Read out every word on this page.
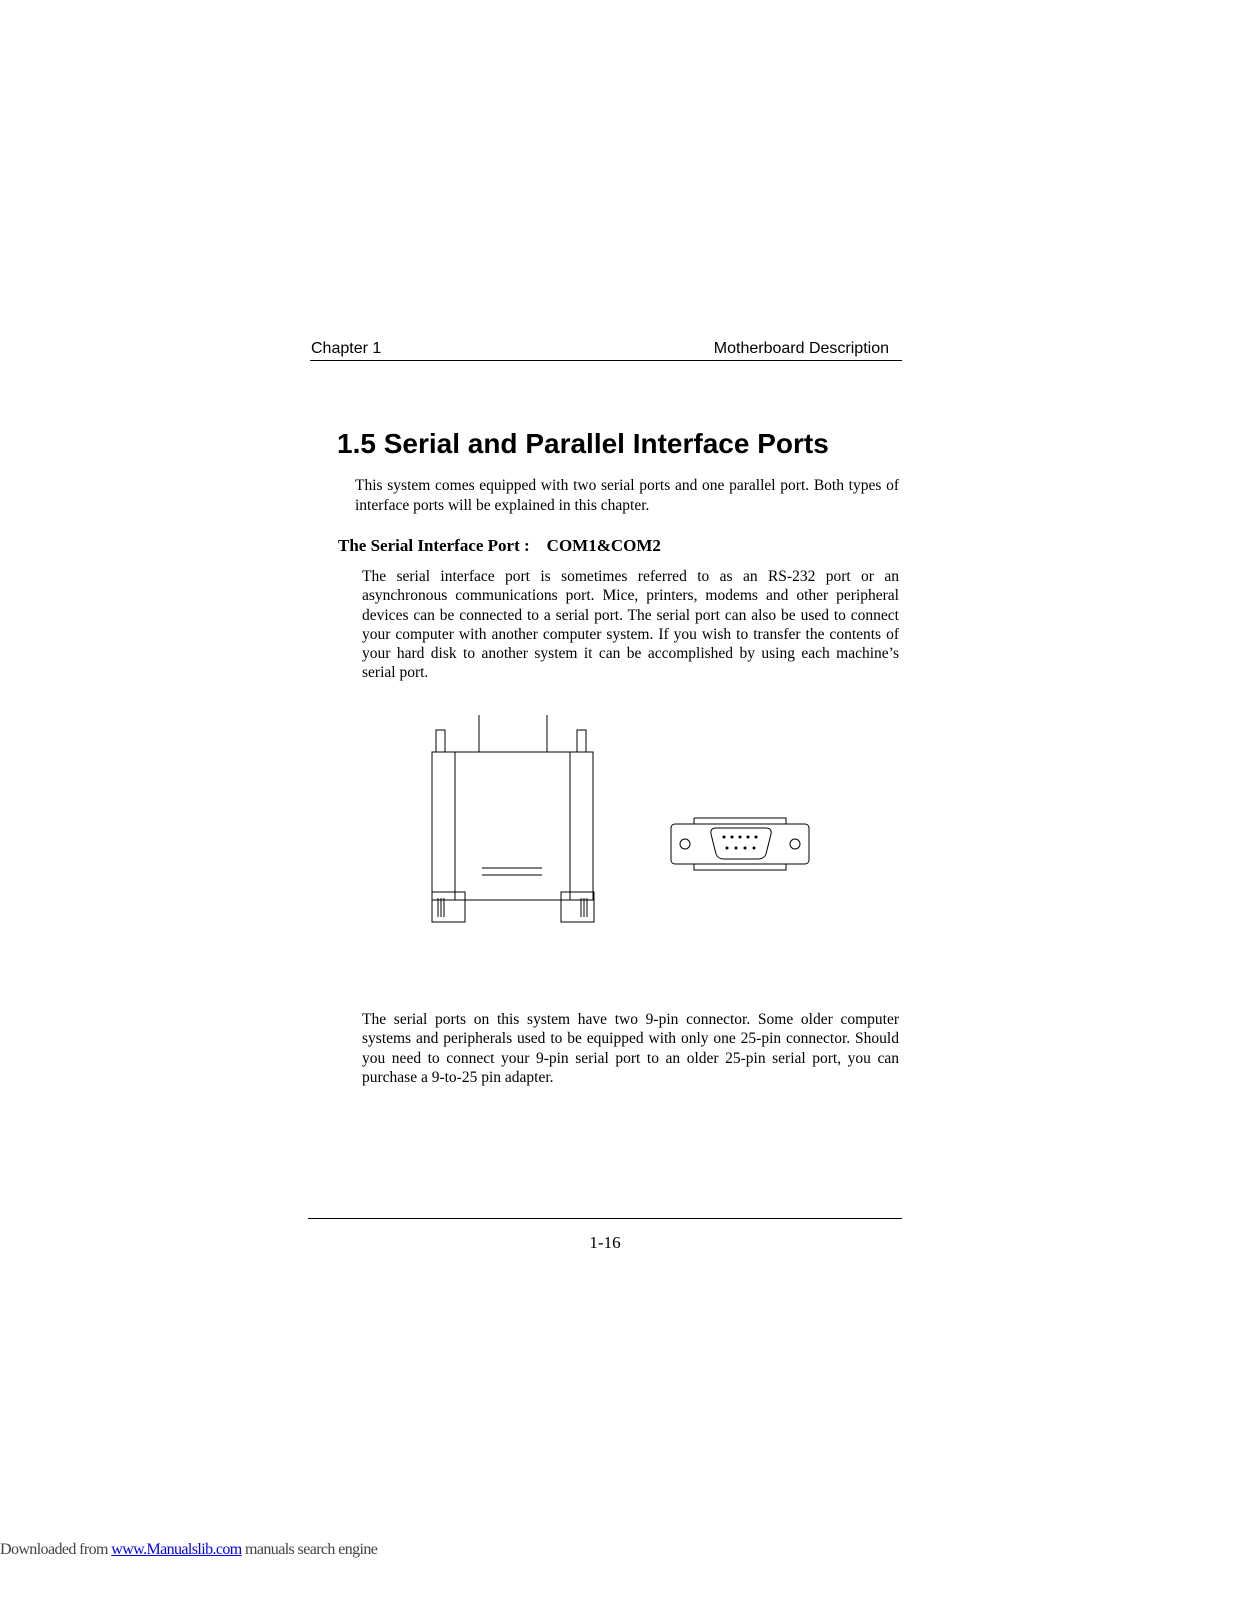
Chapter 1	Motherboard Description
1.5 Serial and Parallel Interface Ports
This system comes equipped with two serial ports and one parallel port. Both types of interface ports will be explained in this chapter.
The Serial Interface Port : COM1&COM2
The serial interface port is sometimes referred to as an RS-232 port or an asynchronous communications port. Mice, printers, modems and other peripheral devices can be connected to a serial port. The serial port can also be used to connect your computer with another computer system. If you wish to transfer the contents of your hard disk to another system it can be accomplished by using each machine’s serial port.
The serial ports on this system have two 9-pin connector. Some older computer systems and peripherals used to be equipped with only one 25-pin connector. Should you need to connect your 9-pin serial port to an older 25-pin serial port, you can purchase a 9-to-25 pin adapter.
1-16
Downloaded from www.Manualslib.com manuals search engine
